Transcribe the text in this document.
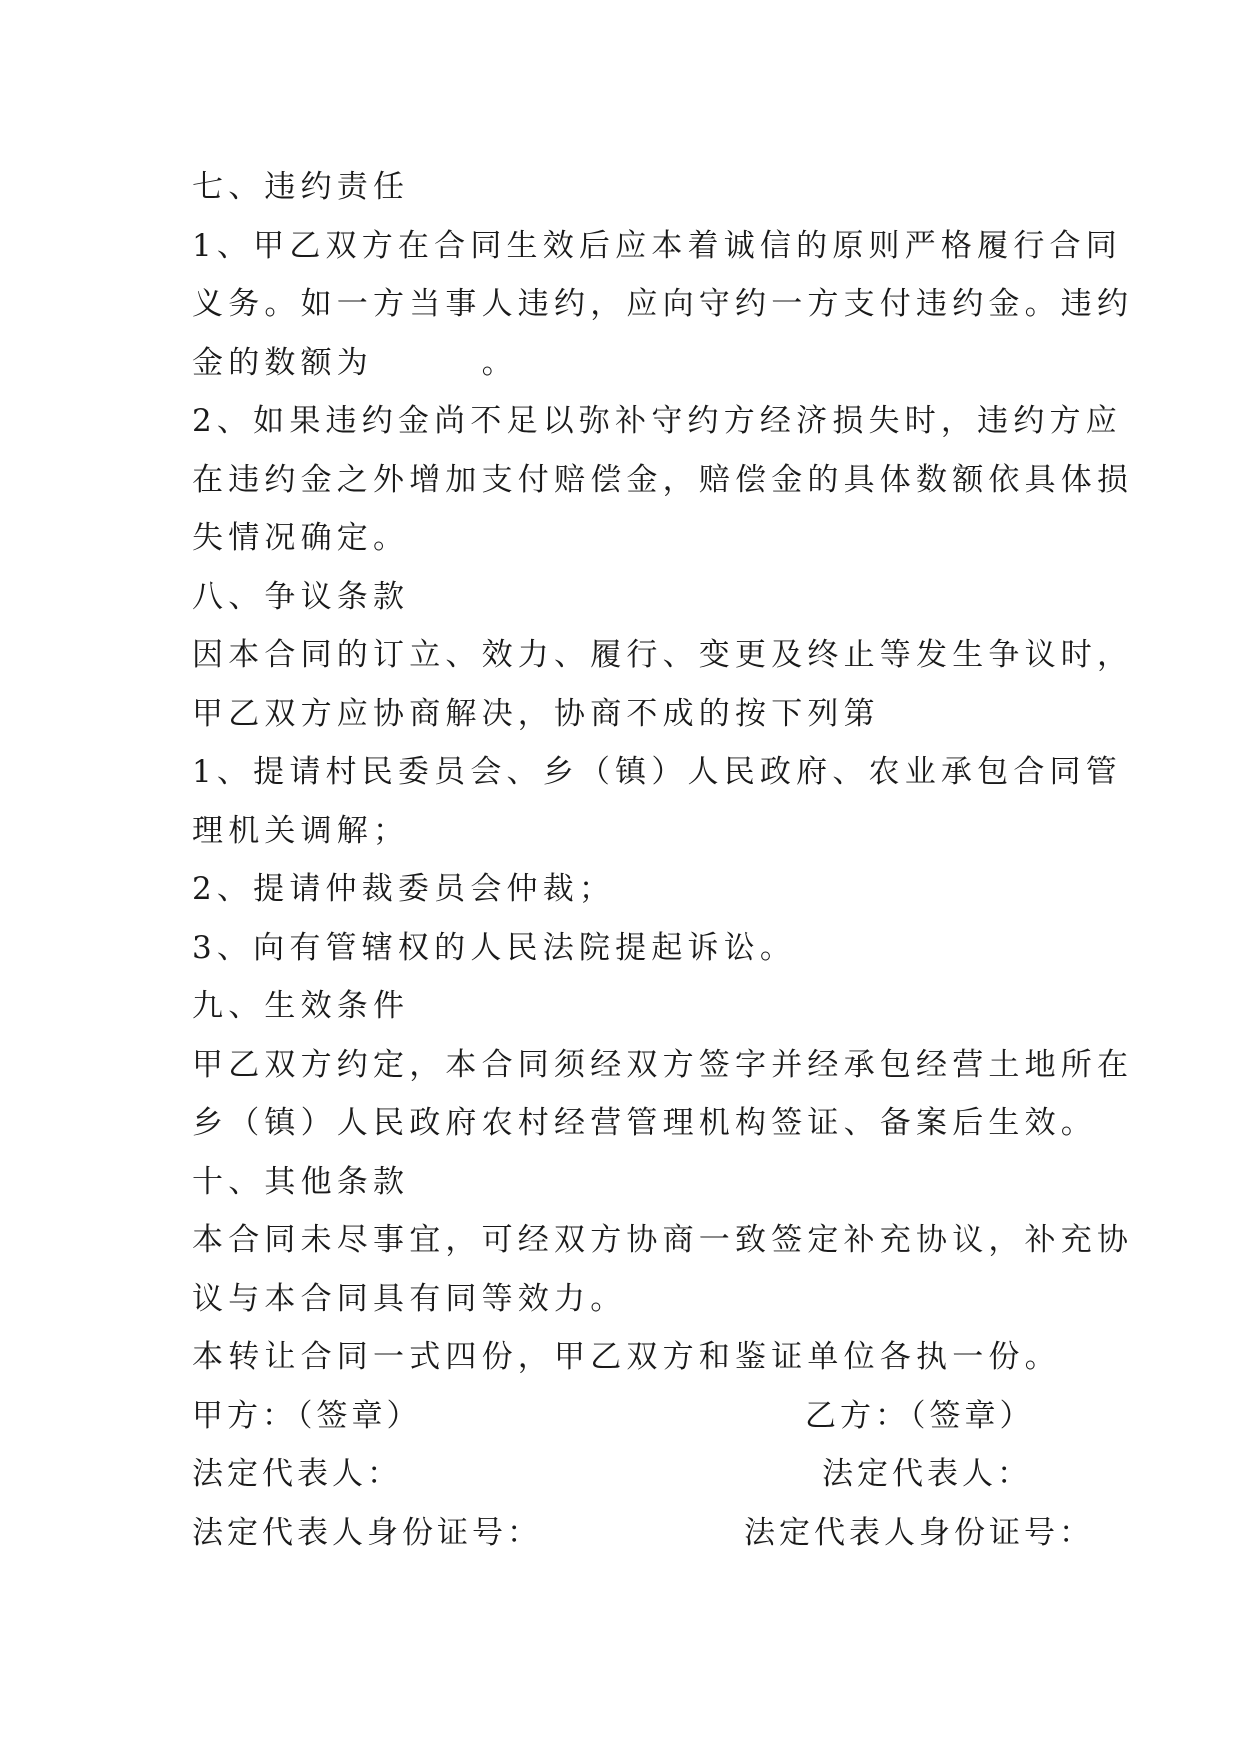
七、违约责任
1、甲乙双方在合同生效后应本着诚信的原则严格履行合同
义务。如一方当事人违约，应向守约一方支付违约金。违约
金的数额为　　　。
2、如果违约金尚不足以弥补守约方经济损失时，违约方应
在违约金之外增加支付赔偿金，赔偿金的具体数额依具体损
失情况确定。
八、争议条款
因本合同的订立、效力、履行、变更及终止等发生争议时，
甲乙双方应协商解决，协商不成的按下列第
1、提请村民委员会、乡（镇）人民政府、农业承包合同管
理机关调解；
2、提请仲裁委员会仲裁；
3、向有管辖权的人民法院提起诉讼。
九、生效条件
甲乙双方约定，本合同须经双方签字并经承包经营土地所在
乡（镇）人民政府农村经营管理机构签证、备案后生效。
十、其他条款
本合同未尽事宜，可经双方协商一致签定补充协议，补充协
议与本合同具有同等效力。
本转让合同一式四份，甲乙双方和鉴证单位各执一份。
甲方：（签章）	乙方：（签章）
法定代表人：	法定代表人：
法定代表人身份证号：	法定代表人身份证号：
